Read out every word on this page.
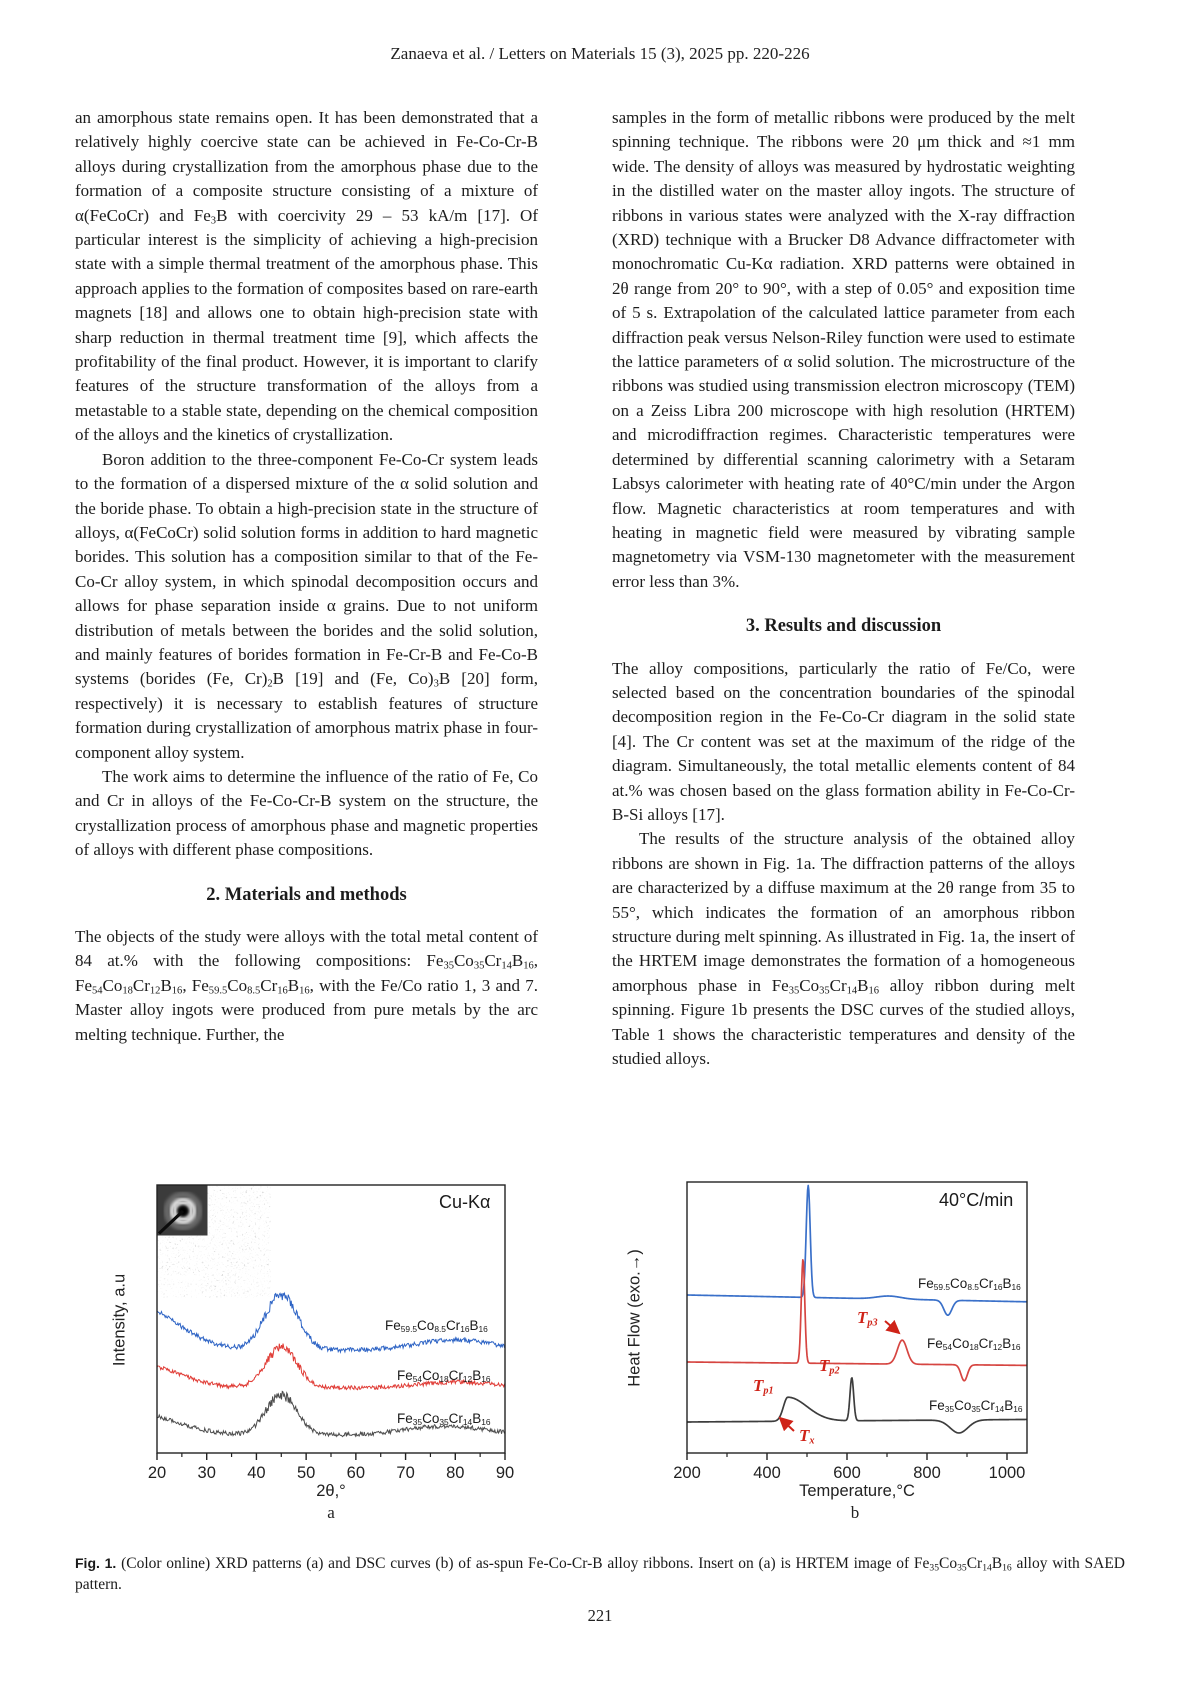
Zanaeva et al. / Letters on Materials 15 (3), 2025 pp. 220-226

an amorphous state remains open. It has been demonstrated that a relatively highly coercive state can be achieved in Fe-Co-Cr-B alloys during crystallization from the amorphous phase due to the formation of a composite structure consisting of a mixture of α(FeCoCr) and $Fe_3B$ with coercivity 29 – 53 kA/m [17]. Of particular interest is the simplicity of achieving a high-precision state with a simple thermal treatment of the amorphous phase. This approach applies to the formation of composites based on rare-earth magnets [18] and allows one to obtain high-precision state with sharp reduction in thermal treatment time [9], which affects the profitability of the final product. However, it is important to clarify features of the structure transformation of the alloys from a metastable to a stable state, depending on the chemical composition of the alloys and the kinetics of crystallization.

Boron addition to the three-component Fe-Co-Cr system leads to the formation of a dispersed mixture of the α solid solution and the boride phase. To obtain a high-precision state in the structure of alloys, α(FeCoCr) solid solution forms in addition to hard magnetic borides. This solution has a composition similar to that of the Fe-Co-Cr alloy system, in which spinodal decomposition occurs and allows for phase separation inside α grains. Due to not uniform distribution of metals between the borides and the solid solution, and mainly features of borides formation in Fe-Cr-B and Fe-Co-B systems (borides (Fe, $Cr)_2B$ [19] and (Fe, $Co)_3B$ [20] form, respectively) it is necessary to establish features of structure formation during crystallization of amorphous matrix phase in four-component alloy system.

The work aims to determine the influence of the ratio of Fe, Co and Cr in alloys of the Fe-Co-Cr-B system on the structure, the crystallization process of amorphous phase and magnetic properties of alloys with different phase compositions.

2. Materials and methods

The objects of the study were alloys with the total metal content of 84 at.% with the following compositions: $Fe_{35}Co_{35}Cr_{14}B_{16}$, $Fe_{54}Co_{18}Cr_{12}B_{16}$, $Fe_{59.5}Co_{8.5}Cr_{16}B_{16}$, with the Fe/Co ratio 1, 3 and 7. Master alloy ingots were produced from pure metals by the arc melting technique. Further, the

samples in the form of metallic ribbons were produced by the melt spinning technique. The ribbons were 20 μm thick and ≈1 mm wide. The density of alloys was measured by hydrostatic weighting in the distilled water on the master alloy ingots. The structure of ribbons in various states were analyzed with the X-ray diffraction (XRD) technique with a Brucker D8 Advance diffractometer with monochromatic Cu-Kα radiation. XRD patterns were obtained in 2θ range from 20° to 90°, with a step of 0.05° and exposition time of 5 s. Extrapolation of the calculated lattice parameter from each diffraction peak versus Nelson-Riley function were used to estimate the lattice parameters of α solid solution. The microstructure of the ribbons was studied using transmission electron microscopy (TEM) on a Zeiss Libra 200 microscope with high resolution (HRTEM) and microdiffraction regimes. Characteristic temperatures were determined by differential scanning calorimetry with a Setaram Labsys calorimeter with heating rate of 40°C/min under the Argon flow. Magnetic characteristics at room temperatures and with heating in magnetic field were measured by vibrating sample magnetometry via VSM-130 magnetometer with the measurement error less than 3%.

3. Results and discussion

The alloy compositions, particularly the ratio of Fe/Co, were selected based on the concentration boundaries of the spinodal decomposition region in the Fe-Co-Cr diagram in the solid state [4]. The Cr content was set at the maximum of the ridge of the diagram. Simultaneously, the total metallic elements content of 84 at.% was chosen based on the glass formation ability in Fe-Co-Cr-B-Si alloys [17].

The results of the structure analysis of the obtained alloy ribbons are shown in Fig. 1a. The diffraction patterns of the alloys are characterized by a diffuse maximum at the 2θ range from 35 to 55°, which indicates the formation of an amorphous ribbon structure during melt spinning. As illustrated in Fig. 1a, the insert of the HRTEM image demonstrates the formation of a homogeneous amorphous phase in $Fe_{35}Co_{35}Cr_{14}B_{16}$ alloy ribbon during melt spinning. Figure 1b presents the DSC curves of the studied alloys, Table 1 shows the characteristic temperatures and density of the studied alloys.

10 nm
20 30 40 50 60 70 80 90
Cu-Kα
Intensity, a.u
2θ,°
$Fe_{59.5}Co_{8.5}Cr_{16}B_{16}$
$Fe_{54}Co_{18}Cr_{12}B_{16}$
$Fe_{35}Co_{35}Cr_{14}B_{16}$
200	400	600	800	1000
40°C/min
Heat Flow (exo.→)
Temperature,°C
$Fe_{59.5}Co_{8.5}Cr_{16}B_{16}$
$Fe_{54}Co_{18}Cr_{12}B_{16}$
$Fe_{35}Co_{35}Cr_{14}B_{16}$
$T_{p1}$
$T_{p2}$
$T_{p3}$
$T_x$
a	b

Fig. 1. (Color online) XRD patterns (a) and DSC curves (b) of as-spun Fe-Co-Cr-B alloy ribbons. Insert on (a) is HRTEM image of $Fe_{35}Co_{35}Cr_{14}B_{16}$ alloy with SAED pattern.

221
